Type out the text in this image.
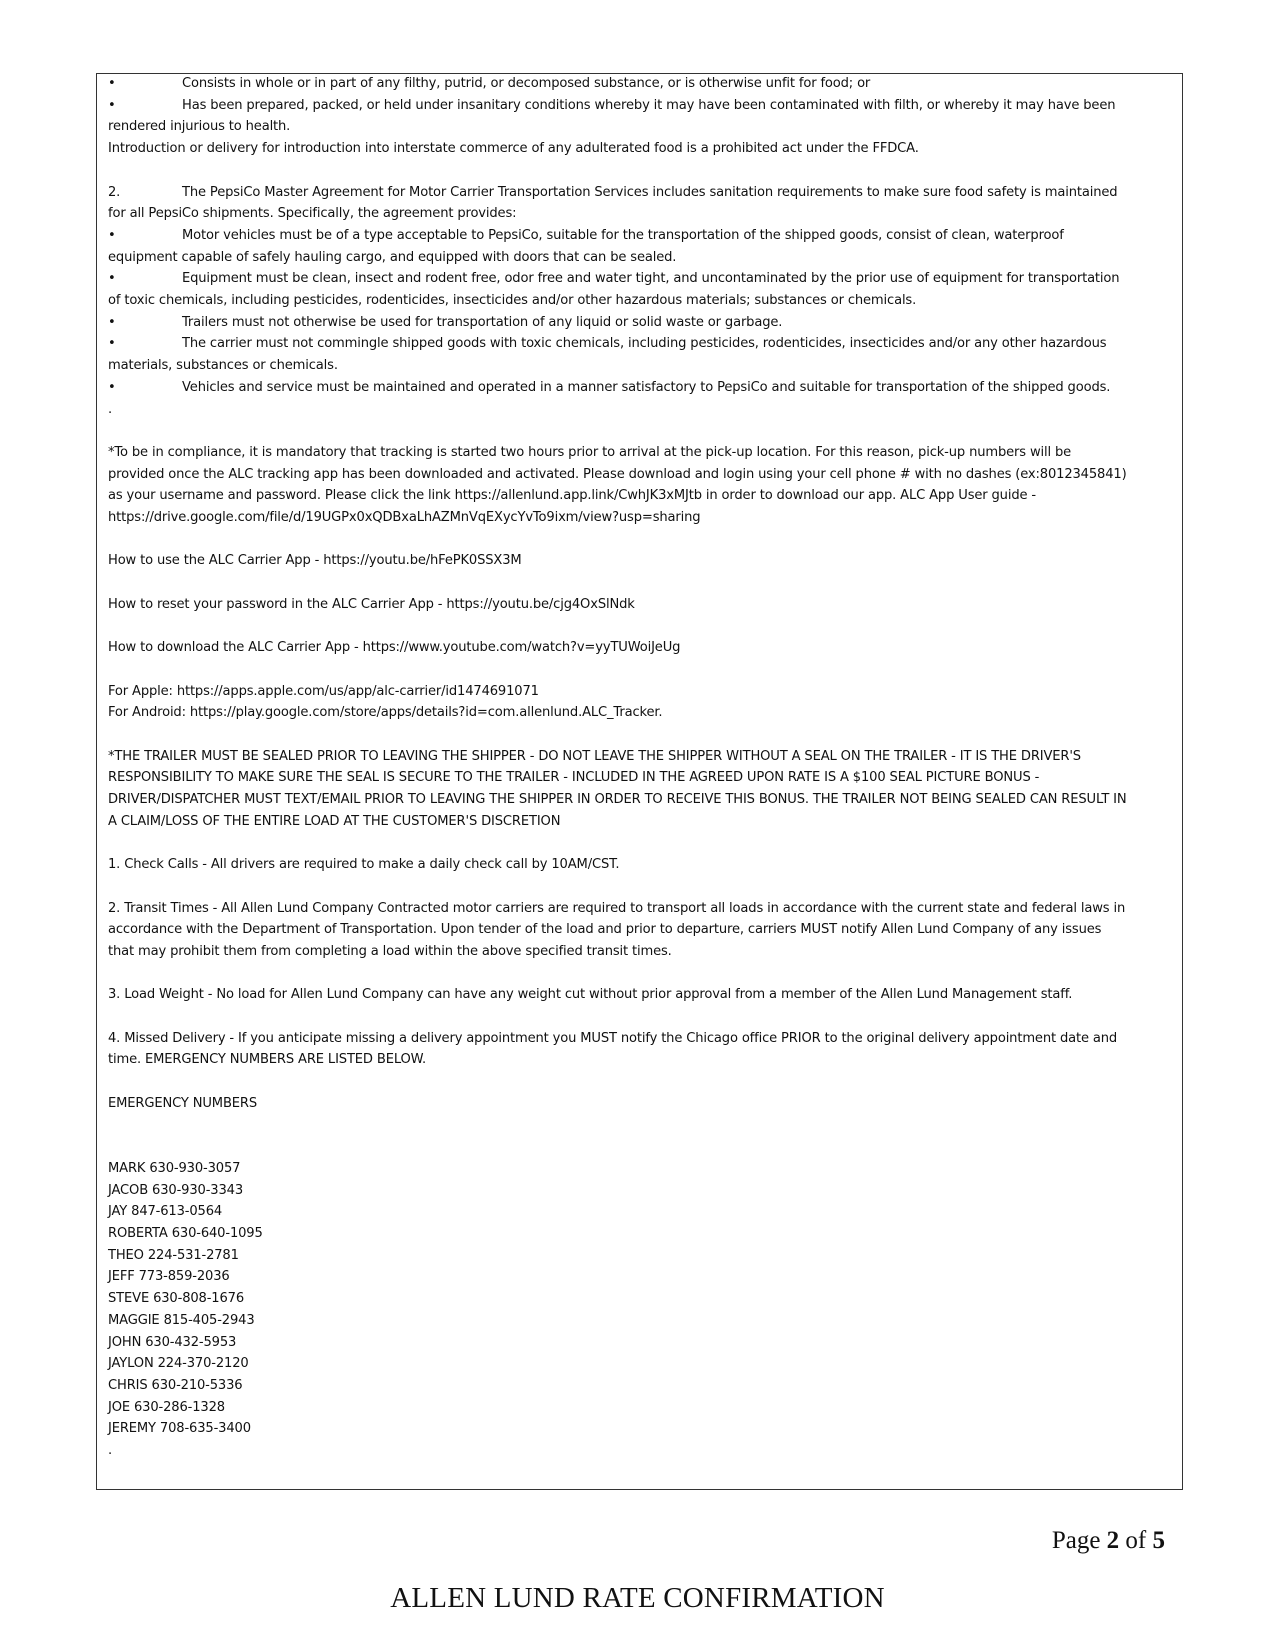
•	Consists in whole or in part of any filthy, putrid, or decomposed substance, or is otherwise unfit for food; or
•	Has been prepared, packed, or held under insanitary conditions whereby it may have been contaminated with filth, or whereby it may have been
rendered injurious to health.
Introduction or delivery for introduction into interstate commerce of any adulterated food is a prohibited act under the FFDCA.
2.	The PepsiCo Master Agreement for Motor Carrier Transportation Services includes sanitation requirements to make sure food safety is maintained
for all PepsiCo shipments. Specifically, the agreement provides:
•	Motor vehicles must be of a type acceptable to PepsiCo, suitable for the transportation of the shipped goods, consist of clean, waterproof
equipment capable of safely hauling cargo, and equipped with doors that can be sealed.
•	Equipment must be clean, insect and rodent free, odor free and water tight, and uncontaminated by the prior use of equipment for transportation
of toxic chemicals, including pesticides, rodenticides, insecticides and/or other hazardous materials; substances or chemicals.
•	Trailers must not otherwise be used for transportation of any liquid or solid waste or garbage.
•	The carrier must not commingle shipped goods with toxic chemicals, including pesticides, rodenticides, insecticides and/or any other hazardous
materials, substances or chemicals.
•	Vehicles and service must be maintained and operated in a manner satisfactory to PepsiCo and suitable for transportation of the shipped goods.
.
*To be in compliance, it is mandatory that tracking is started two hours prior to arrival at the pick-up location. For this reason, pick-up numbers will be
provided once the ALC tracking app has been downloaded and activated. Please download and login using your cell phone # with no dashes (ex:8012345841)
as your username and password. Please click the link https://allenlund.app.link/CwhJK3xMJtb in order to download our app. ALC App User guide -
https://drive.google.com/file/d/19UGPx0xQDBxaLhAZMnVqEXycYvTo9ixm/view?usp=sharing
How to use the ALC Carrier App - https://youtu.be/hFePK0SSX3M
How to reset your password in the ALC Carrier App - https://youtu.be/cjg4OxSlNdk
How to download the ALC Carrier App - https://www.youtube.com/watch?v=yyTUWoiJeUg
For Apple: https://apps.apple.com/us/app/alc-carrier/id1474691071
For Android: https://play.google.com/store/apps/details?id=com.allenlund.ALC_Tracker.
*THE TRAILER MUST BE SEALED PRIOR TO LEAVING THE SHIPPER - DO NOT LEAVE THE SHIPPER WITHOUT A SEAL ON THE TRAILER - IT IS THE DRIVER'S
RESPONSIBILITY TO MAKE SURE THE SEAL IS SECURE TO THE TRAILER - INCLUDED IN THE AGREED UPON RATE IS A $100 SEAL PICTURE BONUS -
DRIVER/DISPATCHER MUST TEXT/EMAIL PRIOR TO LEAVING THE SHIPPER IN ORDER TO RECEIVE THIS BONUS. THE TRAILER NOT BEING SEALED CAN RESULT IN
A CLAIM/LOSS OF THE ENTIRE LOAD AT THE CUSTOMER'S DISCRETION
1. Check Calls - All drivers are required to make a daily check call by 10AM/CST.
2. Transit Times - All Allen Lund Company Contracted motor carriers are required to transport all loads in accordance with the current state and federal laws in
accordance with the Department of Transportation. Upon tender of the load and prior to departure, carriers MUST notify Allen Lund Company of any issues
that may prohibit them from completing a load within the above specified transit times.
3. Load Weight - No load for Allen Lund Company can have any weight cut without prior approval from a member of the Allen Lund Management staff.
4. Missed Delivery - If you anticipate missing a delivery appointment you MUST notify the Chicago office PRIOR to the original delivery appointment date and
time. EMERGENCY NUMBERS ARE LISTED BELOW.
EMERGENCY NUMBERS
MARK 630-930-3057
JACOB 630-930-3343
JAY 847-613-0564
ROBERTA 630-640-1095
THEO 224-531-2781
JEFF 773-859-2036
STEVE 630-808-1676
MAGGIE 815-405-2943
JOHN 630-432-5953
JAYLON 224-370-2120
CHRIS 630-210-5336
JOE 630-286-1328
JEREMY 708-635-3400
.
Page 2 of 5
ALLEN LUND RATE CONFIRMATION
